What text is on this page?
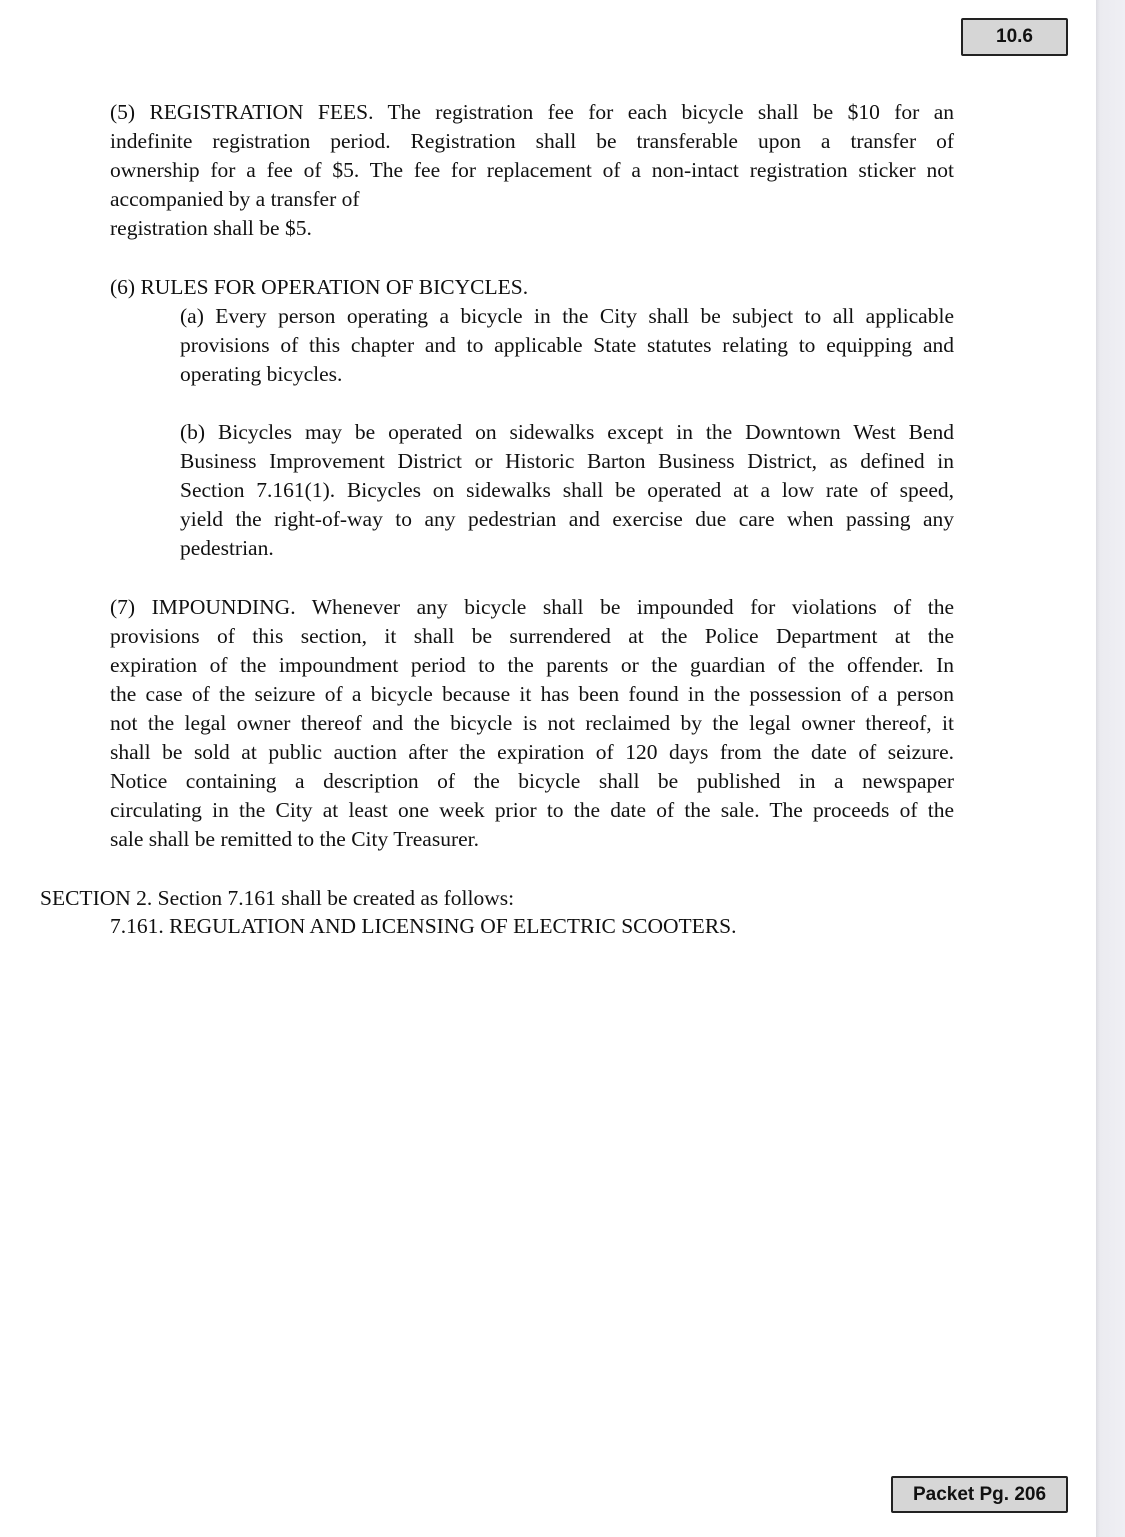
10.6
(5) REGISTRATION FEES. The registration fee for each bicycle shall be $10 for an
indefinite registration period. Registration shall be transferable upon a transfer of
ownership for a fee of $5. The fee for replacement of a non-intact registration sticker not
accompanied by a transfer of
registration shall be $5.
(6) RULES FOR OPERATION OF BICYCLES.
(a) Every person operating a bicycle in the City shall be subject to all applicable
provisions of this chapter and to applicable State statutes relating to equipping and
operating bicycles.
(b) Bicycles may be operated on sidewalks except in the Downtown West Bend
Business Improvement District or Historic Barton Business District, as defined in
Section 7.161(1). Bicycles on sidewalks shall be operated at a low rate of speed,
yield the right-of-way to any pedestrian and exercise due care when passing any
pedestrian.
(7) IMPOUNDING. Whenever any bicycle shall be impounded for violations of the
provisions of this section, it shall be surrendered at the Police Department at the
expiration of the impoundment period to the parents or the guardian of the offender. In
the case of the seizure of a bicycle because it has been found in the possession of a person
not the legal owner thereof and the bicycle is not reclaimed by the legal owner thereof, it
shall be sold at public auction after the expiration of 120 days from the date of seizure.
Notice containing a description of the bicycle shall be published in a newspaper
circulating in the City at least one week prior to the date of the sale. The proceeds of the
sale shall be remitted to the City Treasurer.
SECTION 2. Section 7.161 shall be created as follows:
7.161. REGULATION AND LICENSING OF ELECTRIC SCOOTERS.
Packet Pg. 206
